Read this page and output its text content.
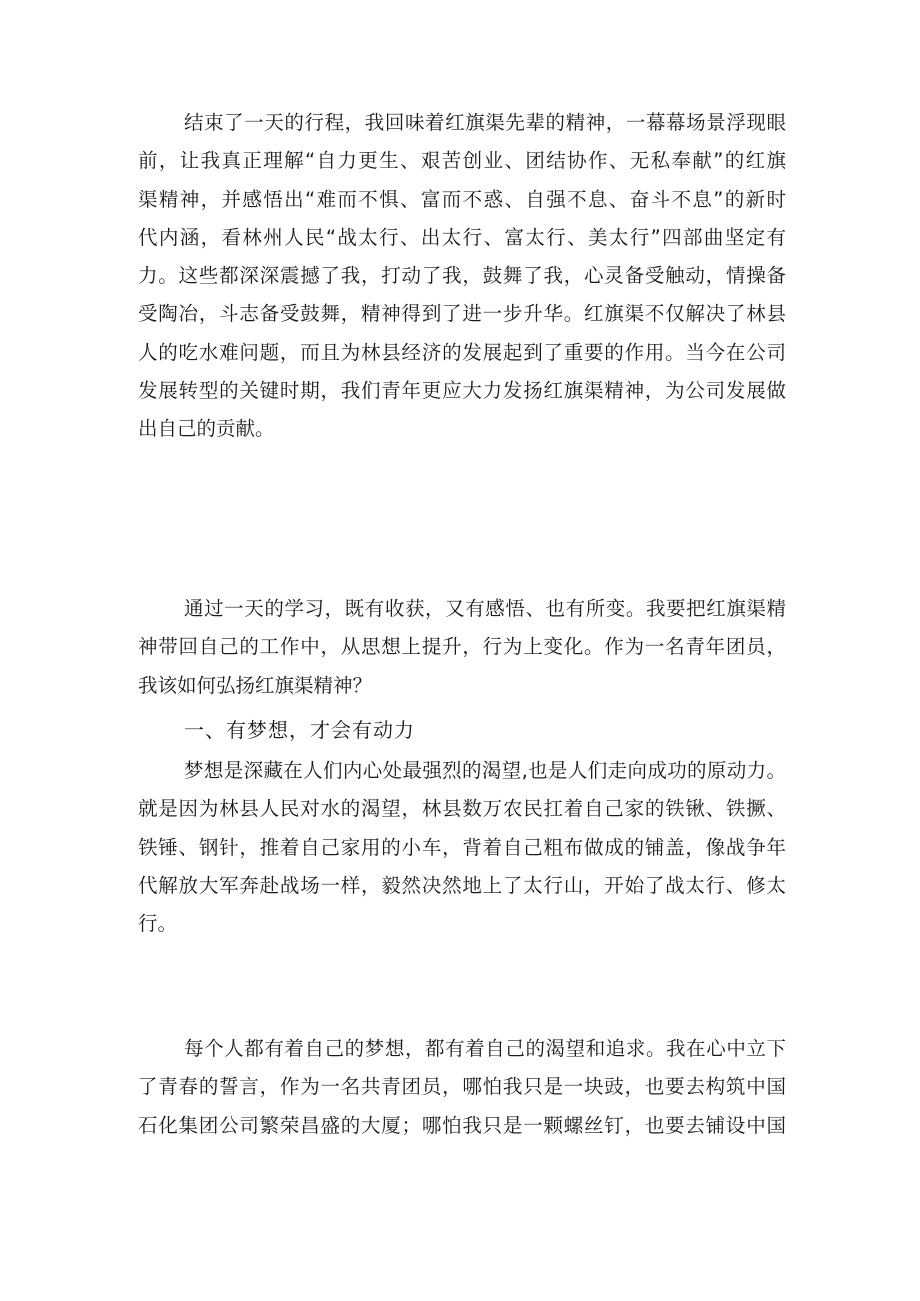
结束了一天的行程，我回味着红旗渠先辈的精神，一幕幕场景浮现眼
前，让我真正理解“自力更生、艰苦创业、团结协作、无私奉献”的红旗
渠精神，并感悟出“难而不惧、富而不惑、自强不息、奋斗不息”的新时
代内涵，看林州人民“战太行、出太行、富太行、美太行”四部曲坚定有
力。这些都深深震撼了我，打动了我，鼓舞了我，心灵备受触动，情操备
受陶冶，斗志备受鼓舞，精神得到了进一步升华。红旗渠不仅解决了林县
人的吃水难问题，而且为林县经济的发展起到了重要的作用。当今在公司
发展转型的关键时期，我们青年更应大力发扬红旗渠精神，为公司发展做
出自己的贡献。
通过一天的学习，既有收获，又有感悟、也有所变。我要把红旗渠精
神带回自己的工作中，从思想上提升，行为上变化。作为一名青年团员，
我该如何弘扬红旗渠精神？
一、有梦想，才会有动力
梦想是深藏在人们内心处最强烈的渴望,也是人们走向成功的原动力。
就是因为林县人民对水的渴望，林县数万农民扛着自己家的铁锹、铁撅、
铁锤、钢针，推着自己家用的小车，背着自己粗布做成的铺盖，像战争年
代解放大军奔赴战场一样，毅然决然地上了太行山，开始了战太行、修太
行。
每个人都有着自己的梦想，都有着自己的渴望和追求。我在心中立下
了青春的誓言，作为一名共青团员，哪怕我只是一块豉，也要去构筑中国
石化集团公司繁荣昌盛的大厦；哪怕我只是一颗螺丝钉，也要去铺设中国
